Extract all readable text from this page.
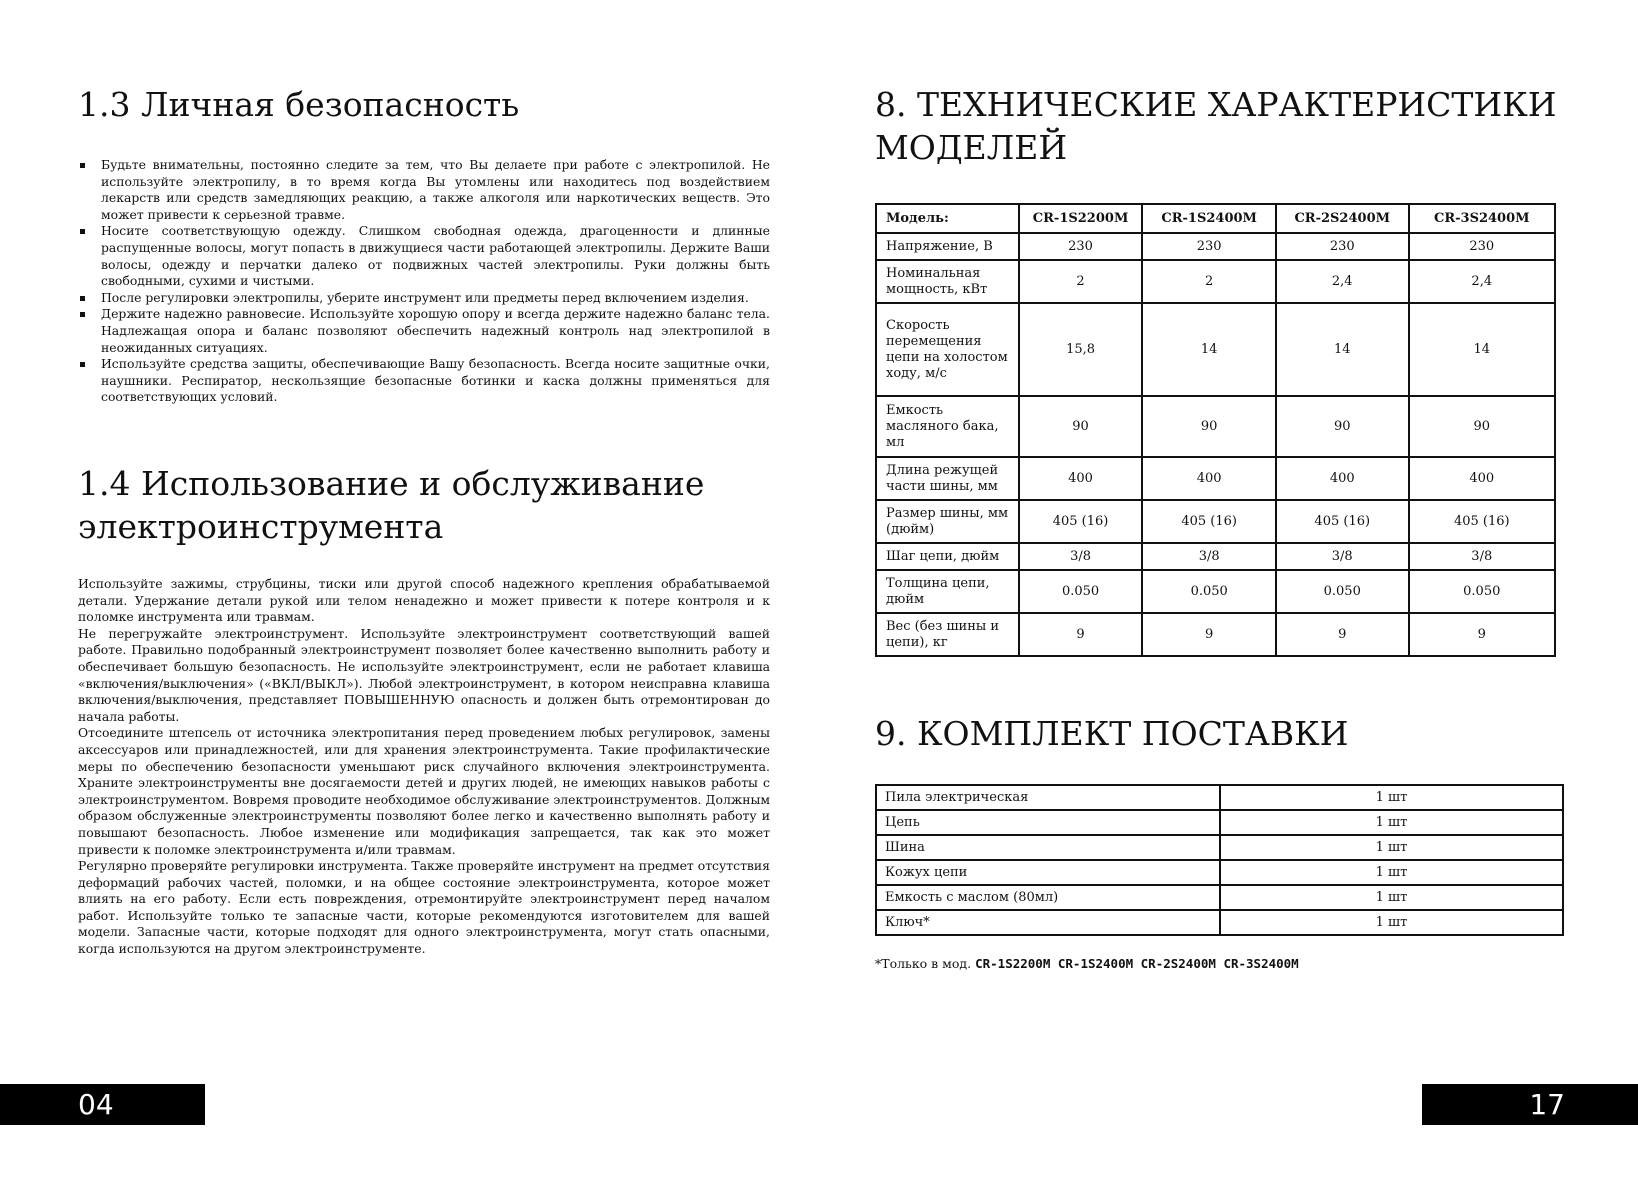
1.3 Личная безопасность
Будьте внимательны, постоянно следите за тем, что Вы делаете при работе с электропилой. Не используйте электропилу, в то время когда Вы утомлены или находитесь под воздействием лекарств или средств замедляющих реакцию, а также алкоголя или наркотических веществ. Это может привести к серьезной травме.
Носите соответствующую одежду. Слишком свободная одежда, драгоценности и длинные распущенные волосы, могут попасть в движущиеся части работающей электропилы. Держите Ваши волосы, одежду и перчатки далеко от подвижных частей электропилы. Руки должны быть свободными, сухими и чистыми.
После регулировки электропилы, уберите инструмент или предметы перед включением изделия.
Держите надежно равновесие. Используйте хорошую опору и всегда держите надежно баланс тела. Надлежащая опора и баланс позволяют обеспечить надежный контроль над электропилой в неожиданных ситуациях.
Используйте средства защиты, обеспечивающие Вашу безопасность. Всегда носите защитные очки, наушники. Респиратор, нескользящие безопасные ботинки и каска должны применяться для соответствующих условий.
1.4 Использование и обслуживание
электроинструмента

Используйте зажимы, струбцины, тиски или другой способ надежного крепления обрабатываемой детали. Удержание детали рукой или телом ненадежно и может привести к потере контроля и к поломке инструмента или травмам.

Не перегружайте электроинструмент. Используйте электроинструмент соответствующий вашей работе. Правильно подобранный электроинструмент позволяет более качественно выполнить работу и обеспечивает большую безопасность. Не используйте электроинструмент, если не работает клавиша «включения/выключения» («ВКЛ/ВЫКЛ»). Любой электроинструмент, в котором неисправна клавиша включения/выключения, представляет ПОВЫШЕННУЮ опасность и должен быть отремонтирован до начала работы.

Отсоедините штепсель от источника электропитания перед проведением любых регулировок, замены аксессуаров или принадлежностей, или для хранения электроинструмента. Такие профилактические меры по обеспечению безопасности уменьшают риск случайного включения электроинструмента. Храните электроинструменты вне досягаемости детей и других людей, не имеющих навыков работы с электроинструментом. Вовремя проводите необходимое обслуживание электроинструментов. Должным образом обслуженные электроинструменты позволяют более легко и качественно выполнять работу и повышают безопасность. Любое изменение или модификация запрещается, так как это может привести к поломке электроинструмента и/или травмам.

Регулярно проверяйте регулировки инструмента. Также проверяйте инструмент на предмет отсутствия деформаций рабочих частей, поломки, и на общее состояние электроинструмента, которое может влиять на его работу. Если есть повреждения, отремонтируйте электроинструмент перед началом работ. Используйте только те запасные части, которые рекомендуются изготовителем для вашей модели. Запасные части, которые подходят для одного электроинструмента, могут стать опасными, когда используются на другом электроинструменте.

04
8. ТЕХНИЧЕСКИЕ ХАРАКТЕРИСТИКИ
МОДЕЛЕЙ
Модель:	CR-1S2200M	CR-1S2400M	CR-2S2400M	CR-3S2400M
Напряжение, В	230	230	230	230
Номинальная мощность, кВт	2	2	2,4	2,4
Скорость перемещения цепи на холостом ходу, м/с	15,8	14	14	14
Емкость масляного бака, мл	90	90	90	90
Длина режущей части шины, мм	400	400	400	400
Размер шины, мм (дюйм)	405 (16)	405 (16)	405 (16)	405 (16)
Шаг цепи, дюйм	3/8	3/8	3/8	3/8
Толщина цепи, дюйм	0.050	0.050	0.050	0.050
Вес (без шины и цепи), кг	9	9	9	9
9. КОМПЛЕКТ ПОСТАВКИ
Пила электрическая	1 шт
Цепь	1 шт
Шина	1 шт
Кожух цепи	1 шт
Емкость с маслом (80мл)	1 шт
Ключ*	1 шт
*Только в мод. CR-1S2200M CR-1S2400M CR-2S2400M CR-3S2400M
17
